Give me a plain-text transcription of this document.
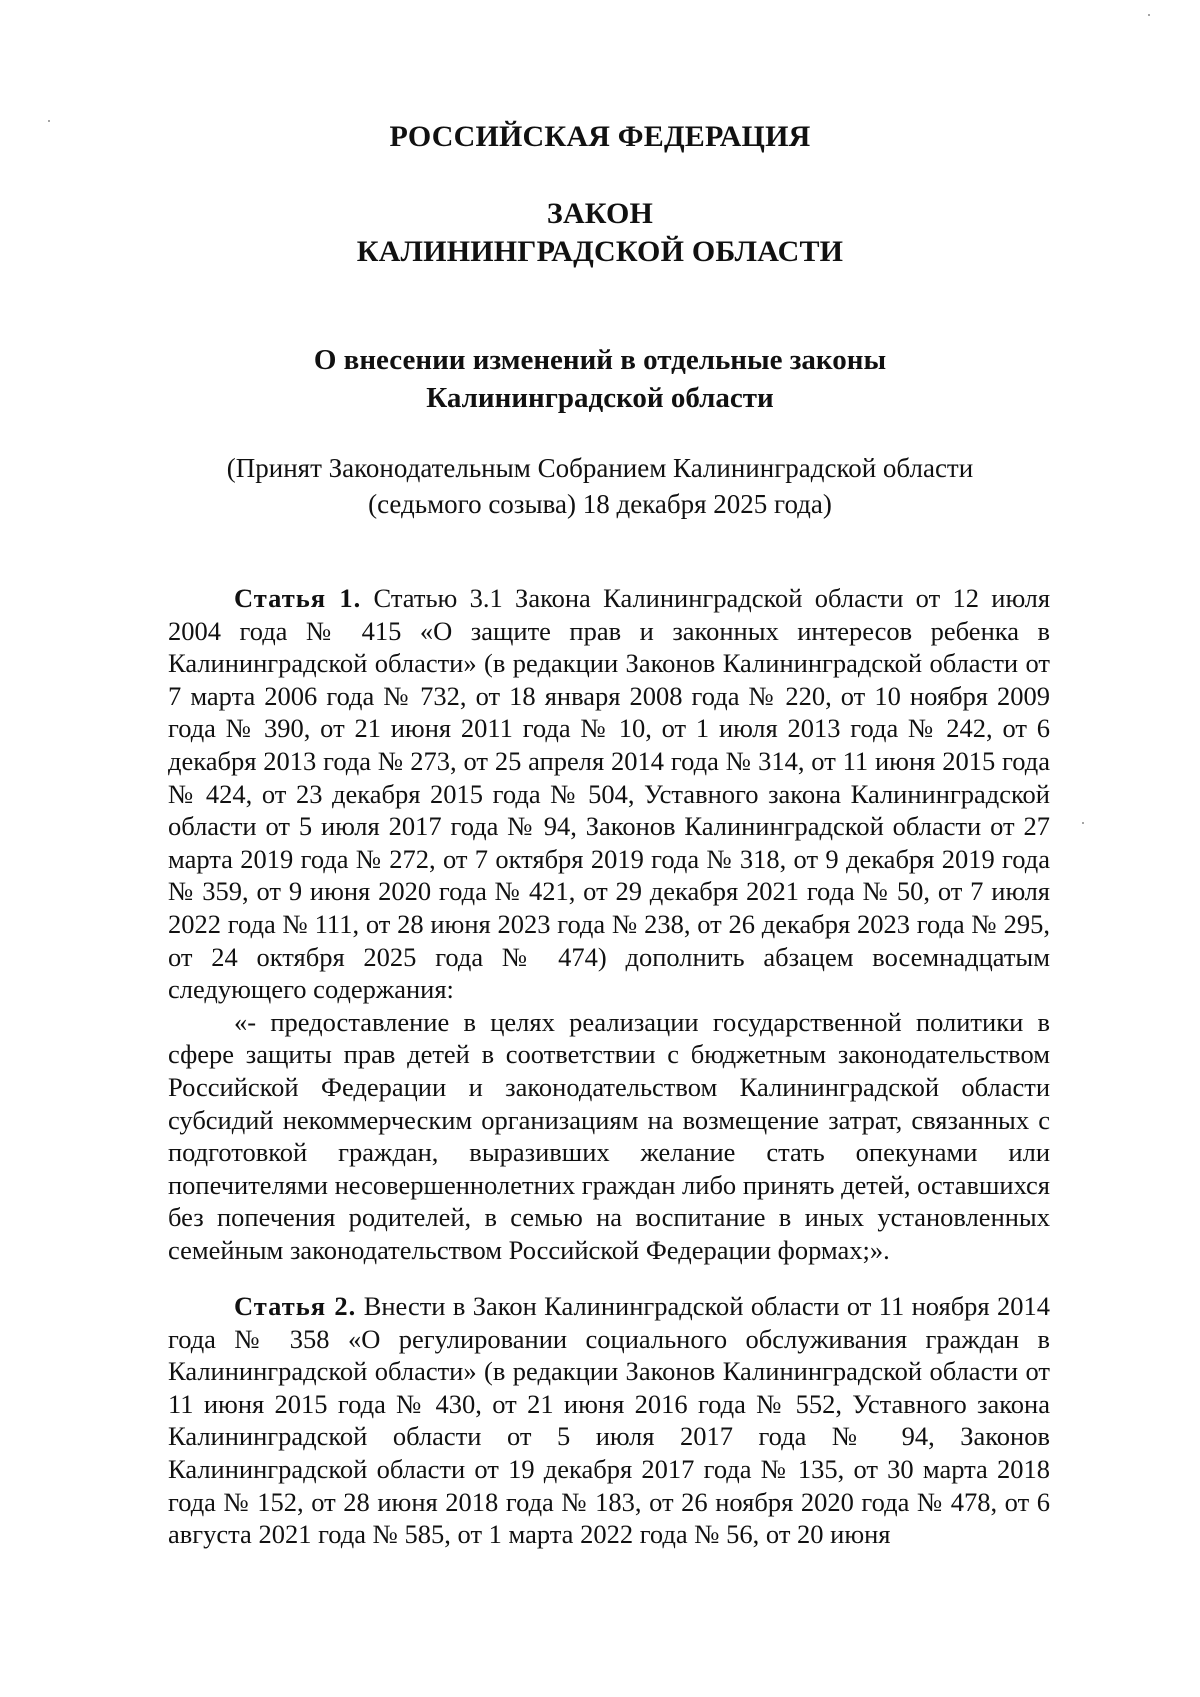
РОССИЙСКАЯ ФЕДЕРАЦИЯ
ЗАКОН
КАЛИНИНГРАДСКОЙ ОБЛАСТИ
О внесении изменений в отдельные законы
Калининградской области
(Принят Законодательным Собранием Калининградской области
(седьмого созыва) 18 декабря 2025 года)

Статья 1. Статью 3.1 Закона Калининградской области от 12 июля 2004 года № 415 «О защите прав и законных интересов ребенка в Калининградской области» (в редакции Законов Калининградской области от 7 марта 2006 года № 732, от 18 января 2008 года № 220, от 10 ноября 2009 года № 390, от 21 июня 2011 года № 10, от 1 июля 2013 года № 242, от 6 декабря 2013 года № 273, от 25 апреля 2014 года № 314, от 11 июня 2015 года № 424, от 23 декабря 2015 года № 504, Уставного закона Калининградской области от 5 июля 2017 года № 94, Законов Калининградской области от 27 марта 2019 года № 272, от 7 октября 2019 года № 318, от 9 декабря 2019 года № 359, от 9 июня 2020 года № 421, от 29 декабря 2021 года № 50, от 7 июля 2022 года № 111, от 28 июня 2023 года № 238, от 26 декабря 2023 года № 295, от 24 октября 2025 года № 474) дополнить абзацем восемнадцатым следующего содержания:

«- предоставление в целях реализации государственной политики в сфере защиты прав детей в соответствии с бюджетным законодательством Российской Федерации и законодательством Калининградской области субсидий некоммерческим организациям на возмещение затрат, связанных с подготовкой граждан, выразивших желание стать опекунами или попечителями несовершеннолетних граждан либо принять детей, оставшихся без попечения родителей, в семью на воспитание в иных установленных семейным законодательством Российской Федерации формах;».

Статья 2. Внести в Закон Калининградской области от 11 ноября 2014 года № 358 «О регулировании социального обслуживания граждан в Калининградской области» (в редакции Законов Калининградской области от 11 июня 2015 года № 430, от 21 июня 2016 года № 552, Уставного закона Калининградской области от 5 июля 2017 года № 94, Законов Калининградской области от 19 декабря 2017 года № 135, от 30 марта 2018 года № 152, от 28 июня 2018 года № 183, от 26 ноября 2020 года № 478, от 6 августа 2021 года № 585, от 1 марта 2022 года № 56, от 20 июня
